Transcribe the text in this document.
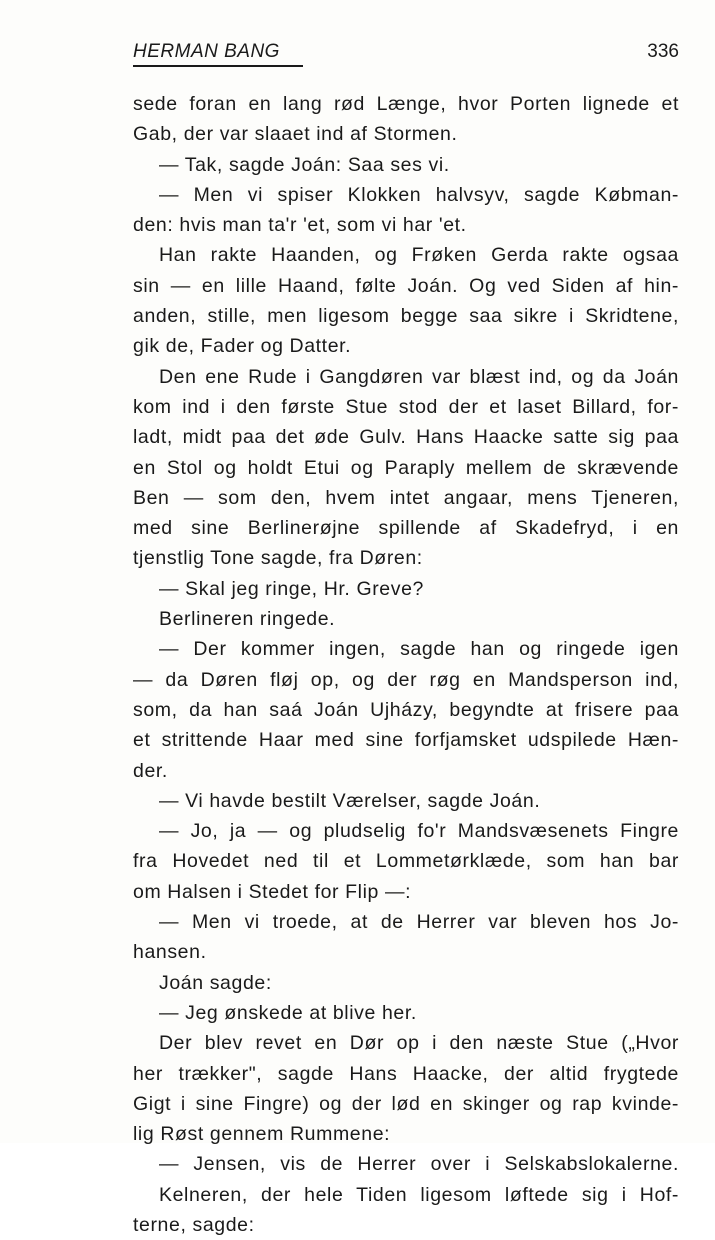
HERMAN BANG	336
sede foran en lang rød Længe, hvor Porten lignede et
Gab, der var slaaet ind af Stormen.
— Tak, sagde Joán: Saa ses vi.
— Men vi spiser Klokken halvsyv, sagde Købman-
den: hvis man ta'r 'et, som vi har 'et.
Han rakte Haanden, og Frøken Gerda rakte ogsaa
sin — en lille Haand, følte Joán. Og ved Siden af hin-
anden, stille, men ligesom begge saa sikre i Skridtene,
gik de, Fader og Datter.
Den ene Rude i Gangdøren var blæst ind, og da Joán
kom ind i den første Stue stod der et laset Billard, for-
ladt, midt paa det øde Gulv. Hans Haacke satte sig paa
en Stol og holdt Etui og Paraply mellem de skrævende
Ben — som den, hvem intet angaar, mens Tjeneren,
med sine Berlinerøjne spillende af Skadefryd, i en
tjenstlig Tone sagde, fra Døren:
— Skal jeg ringe, Hr. Greve?
Berlineren ringede.
— Der kommer ingen, sagde han og ringede igen
— da Døren fløj op, og der røg en Mandsperson ind,
som, da han saá Joán Ujházy, begyndte at frisere paa
et strittende Haar med sine forfjamsket udspilede Hæn-
der.
— Vi havde bestilt Værelser, sagde Joán.
— Jo, ja — og pludselig fo'r Mandsvæsenets Fingre
fra Hovedet ned til et Lommetørklæde, som han bar
om Halsen i Stedet for Flip —:
— Men vi troede, at de Herrer var bleven hos Jo-
hansen.
Joán sagde:
— Jeg ønskede at blive her.
Der blev revet en Dør op i den næste Stue („Hvor
her trækker", sagde Hans Haacke, der altid frygtede
Gigt i sine Fingre) og der lød en skinger og rap kvinde-
lig Røst gennem Rummene:
— Jensen, vis de Herrer over i Selskabslokalerne.
Kelneren, der hele Tiden ligesom løftede sig i Hof-
terne, sagde:
